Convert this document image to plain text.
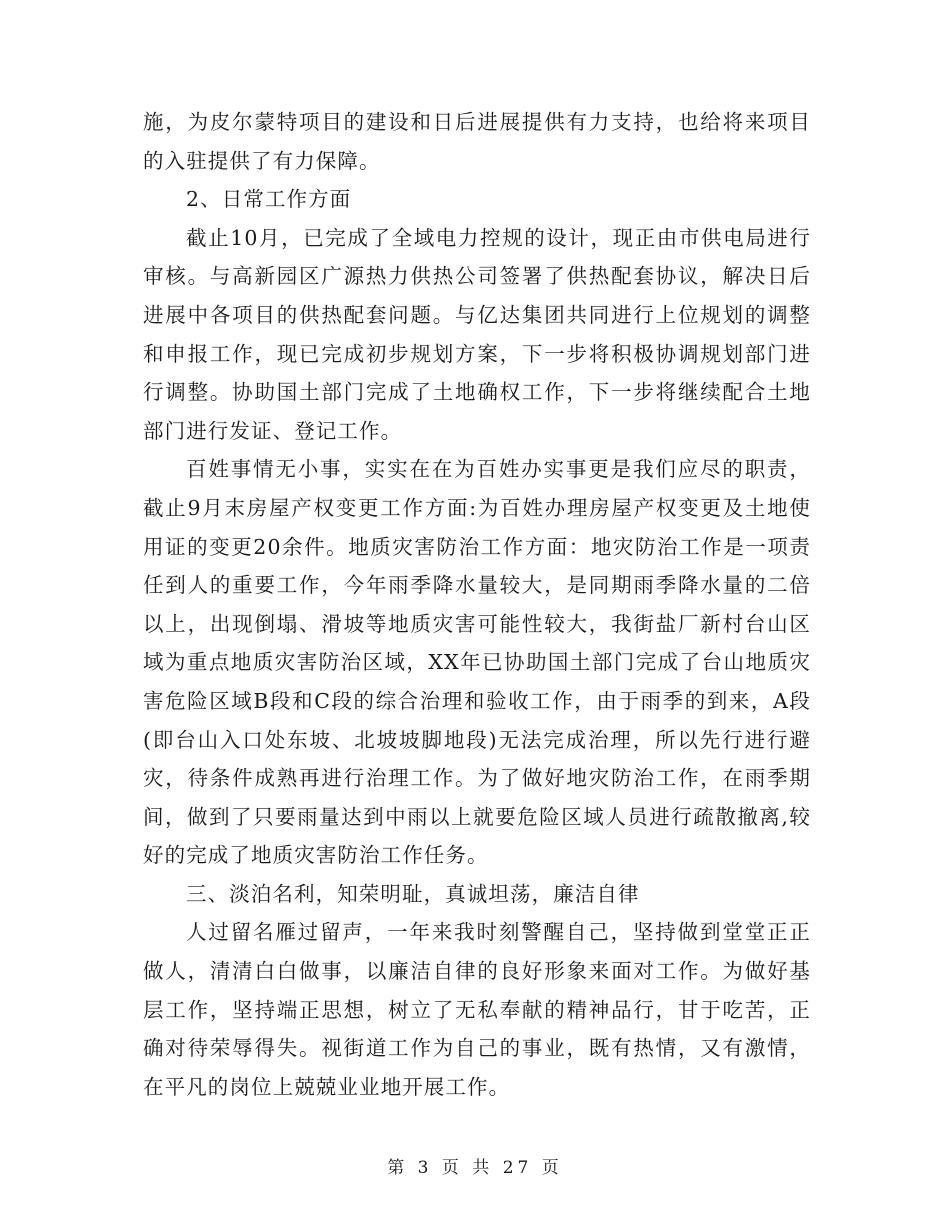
施，为皮尔蒙特项目的建设和日后进展提供有力支持，也给将来项目的入驻提供了有力保障。

2、日常工作方面

截止10月，已完成了全域电力控规的设计，现正由市供电局进行审核。与高新园区广源热力供热公司签署了供热配套协议，解决日后进展中各项目的供热配套问题。与亿达集团共同进行上位规划的调整和申报工作，现已完成初步规划方案，下一步将积极协调规划部门进行调整。协助国土部门完成了土地确权工作，下一步将继续配合土地部门进行发证、登记工作。

百姓事情无小事，实实在在为百姓办实事更是我们应尽的职责，截止9月末房屋产权变更工作方面:为百姓办理房屋产权变更及土地使用证的变更20余件。地质灾害防治工作方面：地灾防治工作是一项责任到人的重要工作，今年雨季降水量较大，是同期雨季降水量的二倍以上，出现倒塌、滑坡等地质灾害可能性较大，我街盐厂新村台山区域为重点地质灾害防治区域，XX年已协助国土部门完成了台山地质灾害危险区域B段和C段的综合治理和验收工作，由于雨季的到来，A段(即台山入口处东坡、北坡坡脚地段)无法完成治理，所以先行进行避灾，待条件成熟再进行治理工作。为了做好地灾防治工作，在雨季期间，做到了只要雨量达到中雨以上就要危险区域人员进行疏散撤离,较好的完成了地质灾害防治工作任务。

三、淡泊名利，知荣明耻，真诚坦荡，廉洁自律

人过留名雁过留声，一年来我时刻警醒自己，坚持做到堂堂正正做人，清清白白做事，以廉洁自律的良好形象来面对工作。为做好基层工作，坚持端正思想，树立了无私奉献的精神品行，甘于吃苦，正确对待荣辱得失。视街道工作为自己的事业，既有热情，又有激情，在平凡的岗位上兢兢业业地开展工作。

第 3 页 共 27 页
